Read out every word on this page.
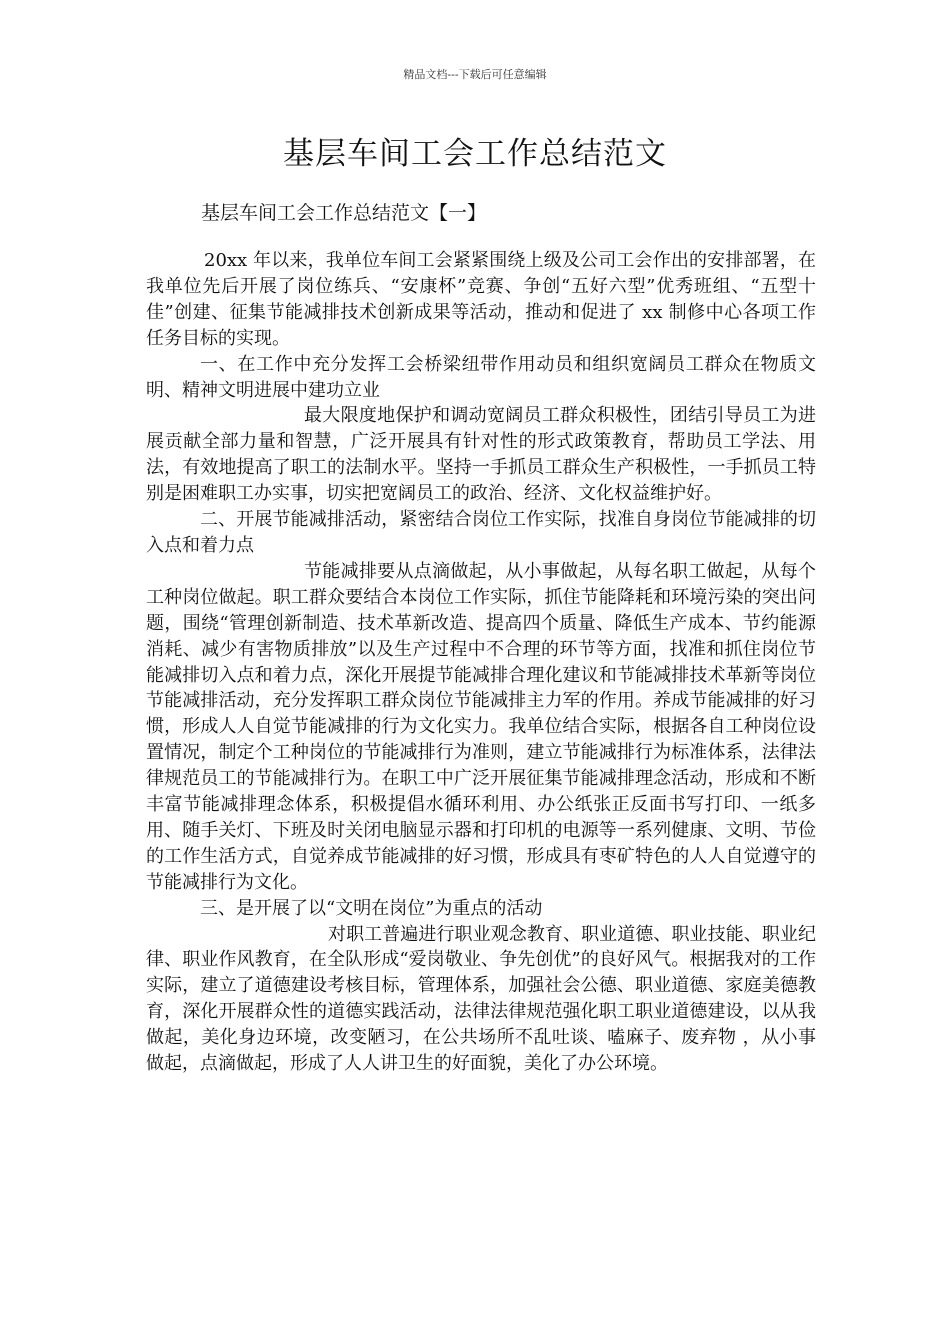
精品文档---下载后可任意编辑
基层车间工会工作总结范文

基层车间工会工作总结范文【一】

20xx 年以来，我单位车间工会紧紧围绕上级及公司工会作出的安排部署，在我单位先后开展了岗位练兵、“安康杯”竞赛、争创“五好六型”优秀班组、“五型十佳”创建、征集节能减排技术创新成果等活动，推动和促进了 xx 制修中心各项工作任务目标的实现。

一、在工作中充分发挥工会桥梁纽带作用动员和组织宽阔员工群众在物质文明、精神文明进展中建功立业

最大限度地保护和调动宽阔员工群众积极性，团结引导员工为进展贡献全部力量和智慧，广泛开展具有针对性的形式政策教育，帮助员工学法、用法，有效地提高了职工的法制水平。坚持一手抓员工群众生产积极性，一手抓员工特别是困难职工办实事，切实把宽阔员工的政治、经济、文化权益维护好。

二、开展节能减排活动，紧密结合岗位工作实际，找准自身岗位节能减排的切入点和着力点

节能减排要从点滴做起，从小事做起，从每名职工做起，从每个工种岗位做起。职工群众要结合本岗位工作实际，抓住节能降耗和环境污染的突出问题，围绕“管理创新制造、技术革新改造、提高四个质量、降低生产成本、节约能源消耗、减少有害物质排放”以及生产过程中不合理的环节等方面，找准和抓住岗位节能减排切入点和着力点，深化开展提节能减排合理化建议和节能减排技术革新等岗位节能减排活动，充分发挥职工群众岗位节能减排主力军的作用。养成节能减排的好习惯，形成人人自觉节能减排的行为文化实力。我单位结合实际，根据各自工种岗位设置情况，制定个工种岗位的节能减排行为准则，建立节能减排行为标准体系，法律法律规范员工的节能减排行为。在职工中广泛开展征集节能减排理念活动，形成和不断丰富节能减排理念体系，积极提倡水循环利用、办公纸张正反面书写打印、一纸多用、随手关灯、下班及时关闭电脑显示器和打印机的电源等一系列健康、文明、节俭的工作生活方式，自觉养成节能减排的好习惯，形成具有枣矿特色的人人自觉遵守的节能减排行为文化。

三、是开展了以“文明在岗位”为重点的活动

对职工普遍进行职业观念教育、职业道德、职业技能、职业纪律、职业作风教育，在全队形成“爱岗敬业、争先创优”的良好风气。根据我对的工作实际，建立了道德建设考核目标，管理体系，加强社会公德、职业道德、家庭美德教育，深化开展群众性的道德实践活动，法律法律规范强化职工职业道德建设，以从我做起，美化身边环境，改变陋习，在公共场所不乱吐谈、嗑麻子、废弃物 ，从小事做起，点滴做起，形成了人人讲卫生的好面貌，美化了办公环境。
